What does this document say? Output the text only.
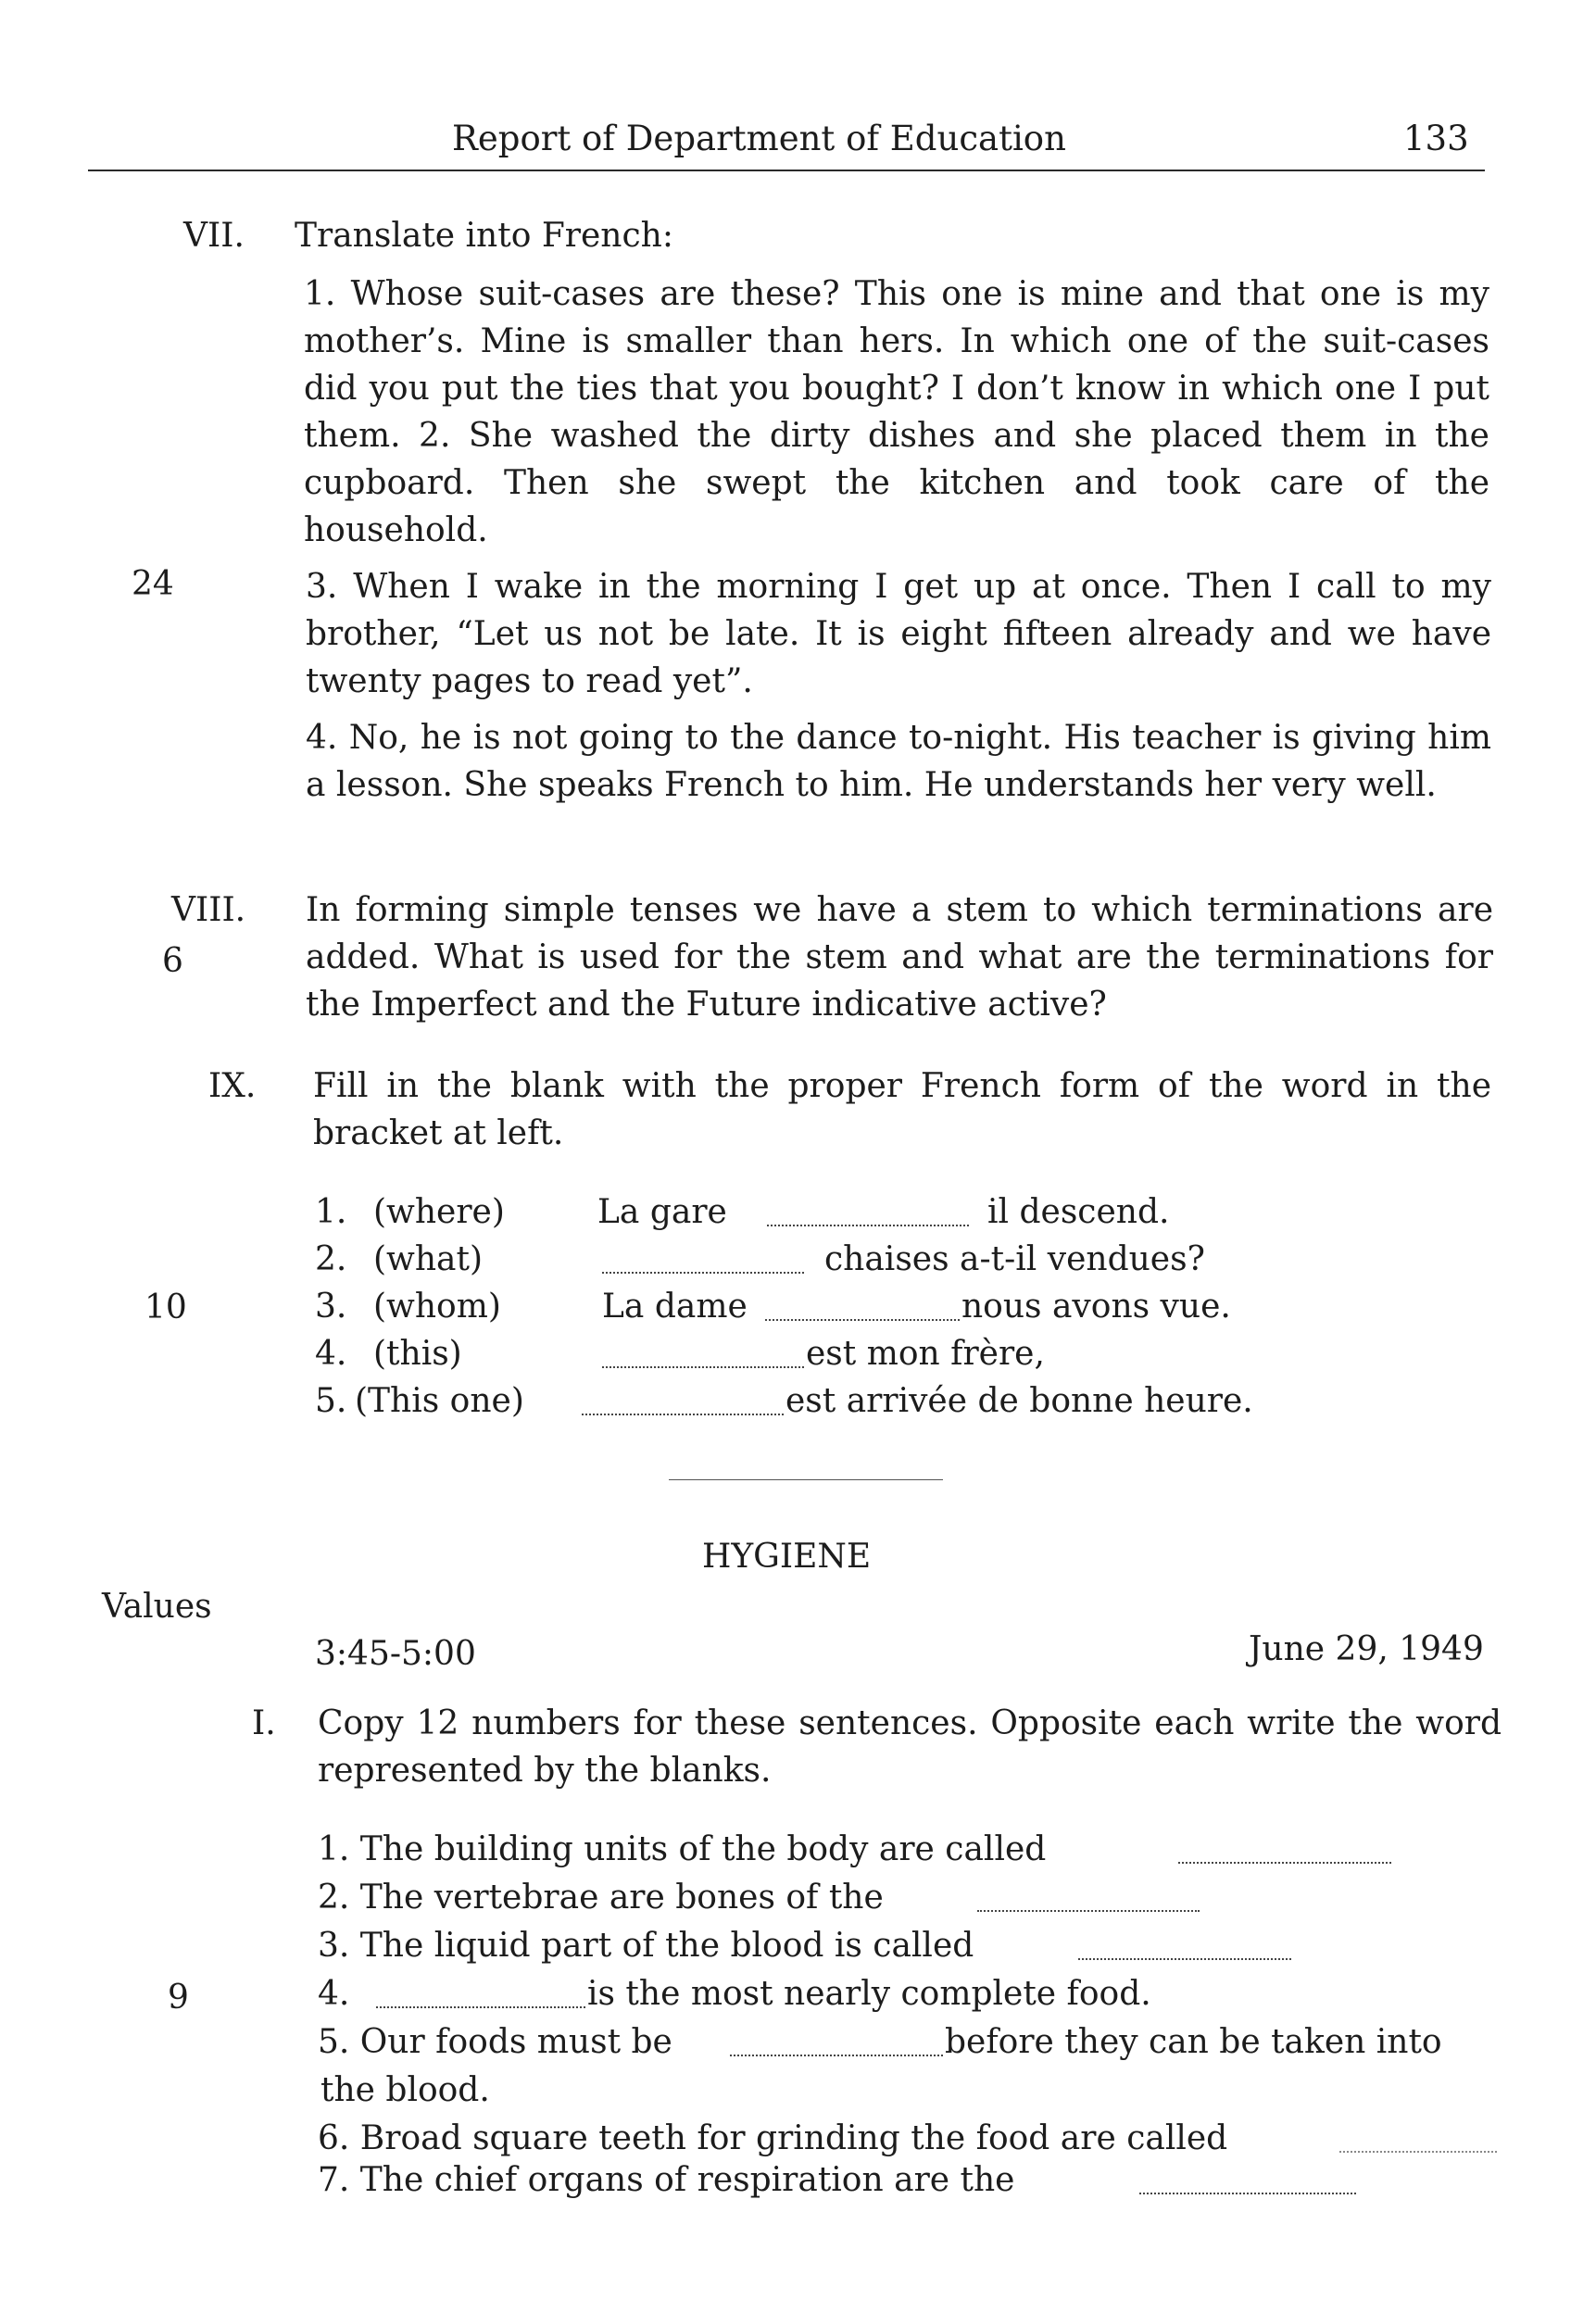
Report of Department of Education	133
VII. Translate into French:
1. Whose suit-cases are these? This one is mine and that one is my mother’s. Mine is smaller than hers. In which one of the suit-cases did you put the ties that you bought? I don’t know in which one I put them. 2. She washed the dirty dishes and she placed them in the cupboard. Then she swept the kitchen and took care of the household.
24	3. When I wake in the morning I get up at once. Then I call to my brother, “Let us not be late. It is eight fifteen already and we have twenty pages to read yet”.
4. No, he is not going to the dance to-night. His teacher is giving him a lesson. She speaks French to him. He understands her very well.
VIII.
6
In forming simple tenses we have a stem to which terminations are added. What is used for the stem and what are the terminations for the Imperfect and the Future indicative active?
IX. Fill in the blank with the proper French form of the word in the bracket at left.
10
1. (where)	La gare	il descend.
2. (what)	chaises a-t-il vendues?
3. (whom)	La dame	nous avons vue.
4. (this)	est mon frère,
5. (This one)	est arrivée de bonne heure.
HYGIENE
Values
3:45-5:00	June 29, 1949
I. Copy 12 numbers for these sentences. Opposite each write the word represented by the blanks.
9
1. The building units of the body are called
2. The vertebrae are bones of the
3. The liquid part of the blood is called
4.	is the most nearly complete food.
5. Our foods must be	before they can be taken into
the blood.
6. Broad square teeth for grinding the food are called
7. The chief organs of respiration are the
